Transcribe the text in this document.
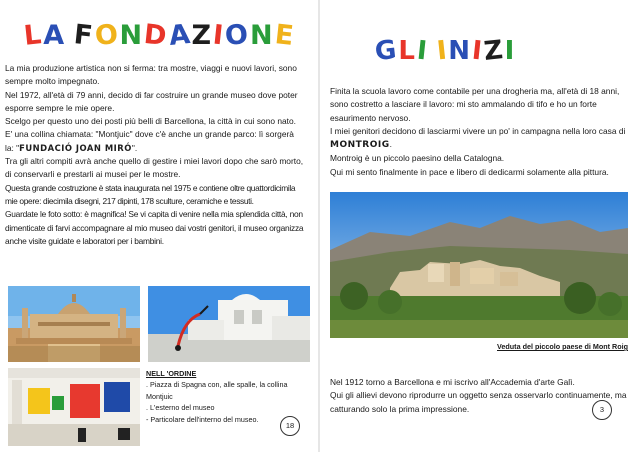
L A F
O N D
A Z I
O N E

La mia produzione artistica non si ferma: tra mostre, viaggi e nuovi lavori, sono sempre molto impegnato.

Nel 1972, all'età di 79 anni, decido di far costruire un grande museo dove poter esporre sempre le mie opere.

Scelgo per questo uno dei posti più belli di Barcellona, la città in cui sono nato. E' una collina chiamata: "Montjuic" dove c'è anche un grande parco: lì sorgerà la: "FUNDACIÓ JOAN MIRÓ".

Tra gli altri compiti avrà anche quello di gestire i miei lavori dopo che sarò morto, di conservarli e prestarli ai musei per le mostre.

Questa grande costruzione è stata inaugurata nel 1975 e contiene oltre quattordicimila mie opere: diecimila disegni, 217 dipinti, 178 sculture, ceramiche e tessuti.

Guardate le foto sotto: è magnifica! Se vi capita di venire nella mia splendida città, non dimenticate di farvi accompagnare al mio museo dai vostri genitori, il museo organizza anche visite guidate e laboratori per i bambini.

NELL 'ORDINE
. Piazza di Spagna con, alle spalle, la collina Montjuic
. L'esterno del museo
- Particolare dell'interno del museo.
18
G L I I N I
Z I

Finita la scuola lavoro come contabile per una drogheria ma, all'età di 18 anni, sono costretto a lasciare il lavoro: mi sto ammalando di tifo e ho un forte esaurimento nervoso.

I miei genitori decidono di lasciarmi vivere un po' in campagna nella loro casa di MONTROIG.

Montroig è un piccolo paesino della Catalogna.

Qui mi sento finalmente in pace e libero di dedicarmi solamente alla pittura.

Veduta del piccolo paese di Mont Roig

Nel 1912 torno a Barcellona e mi iscrivo all'Accademia d'arte Galì.

Qui gli allievi devono riprodurre un oggetto senza osservarlo continuamente, ma catturando solo la prima impressione.	3
